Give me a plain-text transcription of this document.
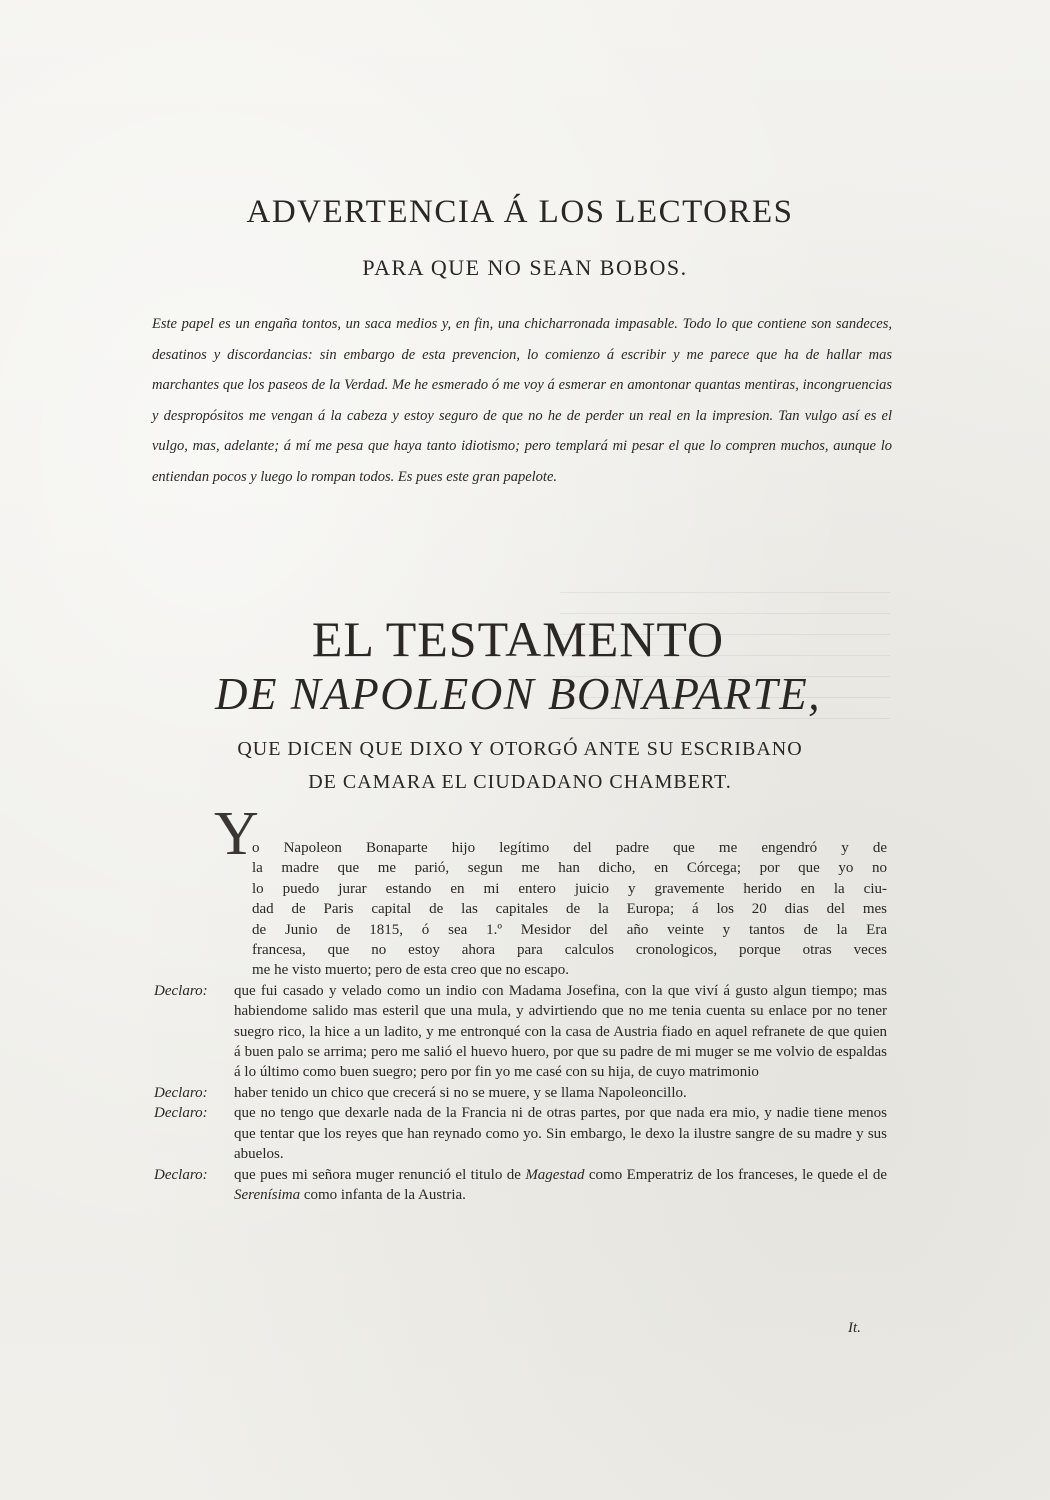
ADVERTENCIA Á LOS LECTORES
PARA QUE NO SEAN BOBOS.
Este papel es un engaña tontos, un saca medios y, en fin, una chicharronada impasable. Todo lo que contiene son sandeces, desatinos y discordancias: sin embargo de esta prevencion, lo comienzo á escribir y me parece que ha de hallar mas marchantes que los paseos de la Verdad. Me he esmerado ó me voy á esmerar en amontonar quantas mentiras, incongruencias y despropósitos me vengan á la cabeza y estoy seguro de que no he de perder un real en la impresion. Tan vulgo así es el vulgo, mas, adelante; á mí me pesa que haya tanto idiotismo; pero templará mi pesar el que lo compren muchos, aunque lo entiendan pocos y luego lo rompan todos. Es pues este gran papelote.
EL TESTAMENTO
DE NAPOLEON BONAPARTE,
QUE DICEN QUE DIXO Y OTORGÓ ANTE SU ESCRIBANO
DE CAMARA EL CIUDADANO CHAMBERT.
Y
o Napoleon Bonaparte hijo legítimo del padre que me engendró y de
la madre que me parió, segun me han dicho, en Córcega; por que yo no
lo puedo jurar estando en mi entero juicio y gravemente herido en la ciu-
dad de Paris capital de las capitales de la Europa; á los 20 dias del mes
de Junio de 1815, ó sea 1.º Mesidor del año veinte y tantos de la Era
francesa, que no estoy ahora para calculos cronologicos, porque otras veces
me he visto muerto; pero de esta creo que no escapo.
Declaro:	que fui casado y velado como un indio con Madama Josefina, con la que viví á gusto algun tiempo; mas habiendome salido mas esteril que una mula, y advirtiendo que no me tenia cuenta su enlace por no tener suegro rico, la hice a un ladito, y me entronqué con la casa de Austria fiado en aquel refranete de que quien á buen palo se arrima; pero me salió el huevo huero, por que su padre de mi muger se me volvio de espaldas á lo último como buen suegro; pero por fin yo me casé con su hija, de cuyo matrimonio
Declaro:	haber tenido un chico que crecerá si no se muere, y se llama Napoleoncillo.
Declaro:	que no tengo que dexarle nada de la Francia ni de otras partes, por que nada era mio, y nadie tiene menos que tentar que los reyes que han reynado como yo. Sin embargo, le dexo la ilustre sangre de su madre y sus abuelos.
Declaro:	que pues mi señora muger renunció el titulo de Magestad como Emperatriz de los franceses, le quede el de Serenísima como infanta de la Austria.
It.
